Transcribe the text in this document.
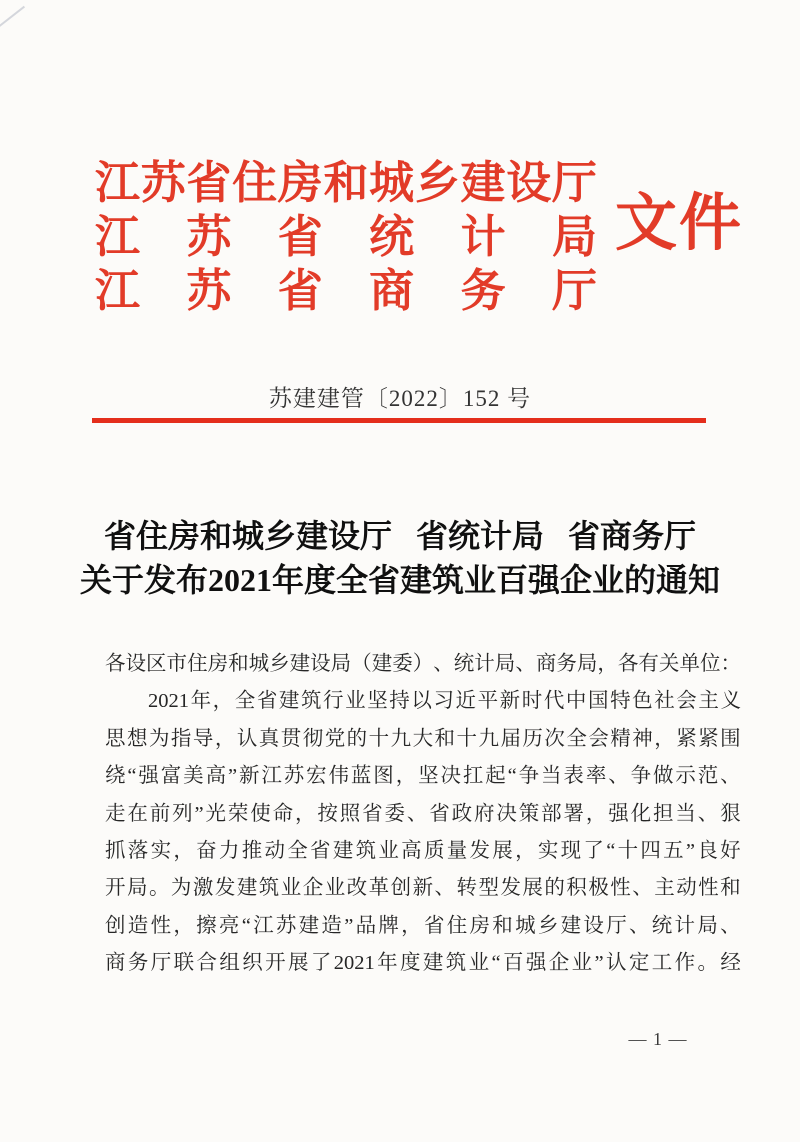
江 苏 省 住 房 和 城 乡 建 设 厅
江 苏 省 统 计 局
江 苏 省 商 务 厅
文件
苏建建管〔2022〕152 号
省住房和城乡建设厅 省统计局 省商务厅
关于发布2021年度全省建筑业百强企业的通知
各 设 区 市 住 房 和 城 乡 建 设 局 （ 建 委 ） 、 统 计 局 、 商 务 局 ， 各 有 关 单 位 ：
2021 年 ， 全 省 建 筑 行 业 坚 持 以 习 近 平 新 时 代 中 国 特 色 社 会 主 义
思 想 为 指 导 ， 认 真 贯 彻 党 的 十 九 大 和 十 九 届 历 次 全 会 精 神 ， 紧 紧 围
绕 “ 强 富 美 高 ” 新 江 苏 宏 伟 蓝 图 ， 坚 决 扛 起 “ 争 当 表 率 、 争 做 示 范 、
走 在 前 列 ” 光 荣 使 命 ， 按 照 省 委 、 省 政 府 决 策 部 署 ， 强 化 担 当 、 狠
抓 落 实 ， 奋 力 推 动 全 省 建 筑 业 高 质 量 发 展 ， 实 现 了 “ 十 四 五 ” 良 好
开 局 。 为 激 发 建 筑 业 企 业 改 革 创 新 、 转 型 发 展 的 积 极 性 、 主 动 性 和
创 造 性 ， 擦 亮 “ 江 苏 建 造 ” 品 牌 ， 省 住 房 和 城 乡 建 设 厅 、 统 计 局 、
商 务 厅 联 合 组 织 开 展 了 2021 年 度 建 筑 业 “ 百 强 企 业 ” 认 定 工 作 。 经
— 1 —
